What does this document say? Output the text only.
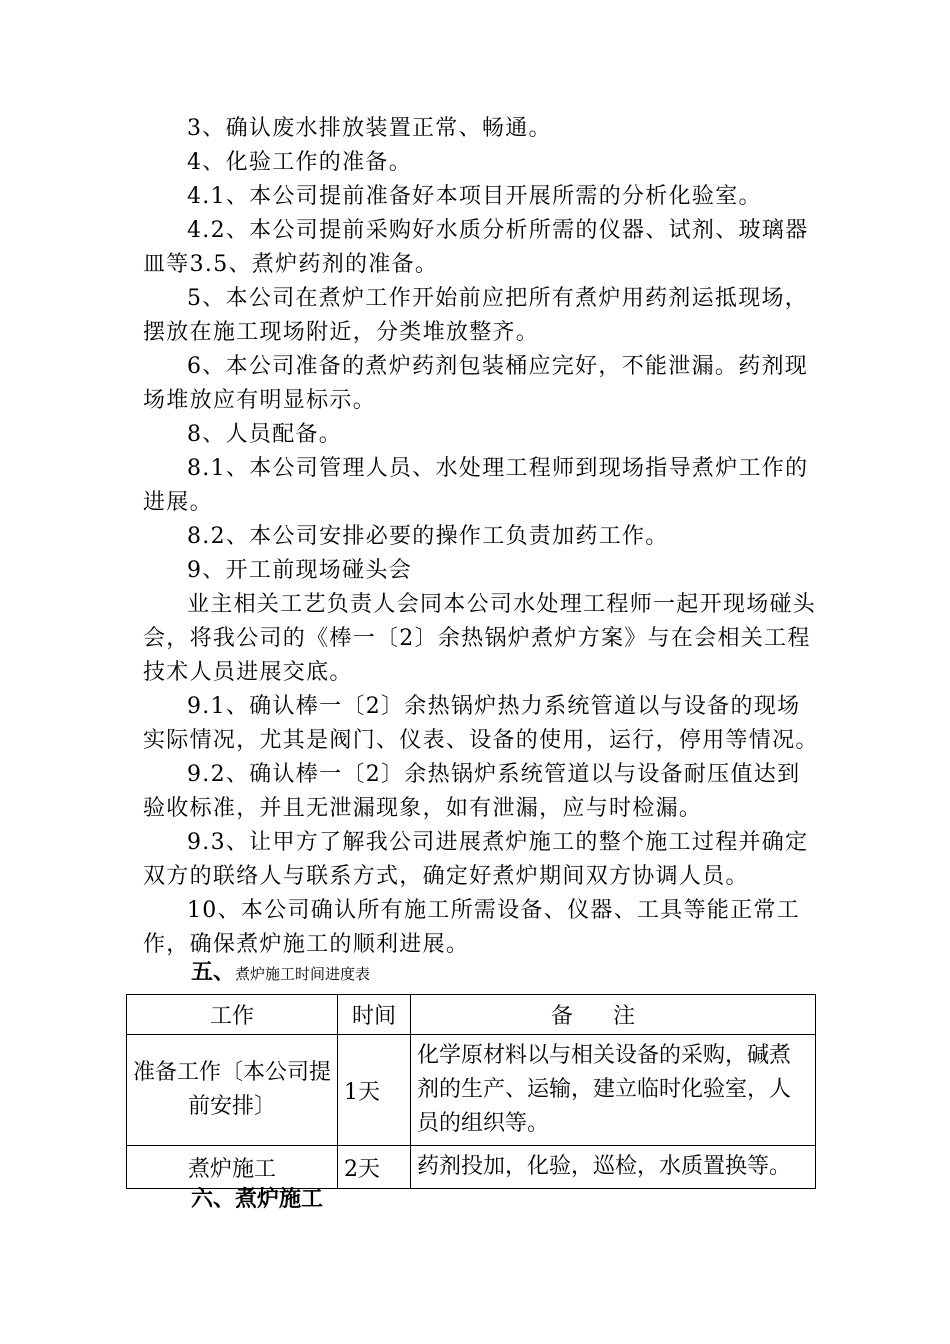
3、确认废水排放装置正常、畅通。

4、化验工作的准备。

4.1、本公司提前准备好本项目开展所需的分析化验室。

4.2、本公司提前采购好水质分析所需的仪器、试剂、玻璃器皿等3.5、煮炉药剂的准备。

5、本公司在煮炉工作开始前应把所有煮炉用药剂运抵现场，摆放在施工现场附近，分类堆放整齐。

6、本公司准备的煮炉药剂包装桶应完好，不能泄漏。药剂现场堆放应有明显标示。

8、人员配备。

8.1、本公司管理人员、水处理工程师到现场指导煮炉工作的进展。

8.2、本公司安排必要的操作工负责加药工作。

9、开工前现场碰头会

业主相关工艺负责人会同本公司水处理工程师一起开现场碰头会，将我公司的《棒一〔2〕余热锅炉煮炉方案》与在会相关工程技术人员进展交底。

9.1、确认棒一〔2〕余热锅炉热力系统管道以与设备的现场实际情况，尤其是阀门、仪表、设备的使用，运行，停用等情况。

9.2、确认棒一〔2〕余热锅炉系统管道以与设备耐压值达到验收标准，并且无泄漏现象，如有泄漏，应与时检漏。

9.3、让甲方了解我公司进展煮炉施工的整个施工过程并确定双方的联络人与联系方式，确定好煮炉期间双方协调人员。

10、本公司确认所有施工所需设备、仪器、工具等能正常工作，确保煮炉施工的顺利进展。

五、煮炉施工时间进度表
工作	时间	备注
准备工作〔本公司提前安排〕	1天	化学原材料以与相关设备的采购，碱煮剂的生产、运输，建立临时化验室，人员的组织等。
煮炉施工	2天	药剂投加，化验，巡检，水质置换等。
六、煮炉施工
